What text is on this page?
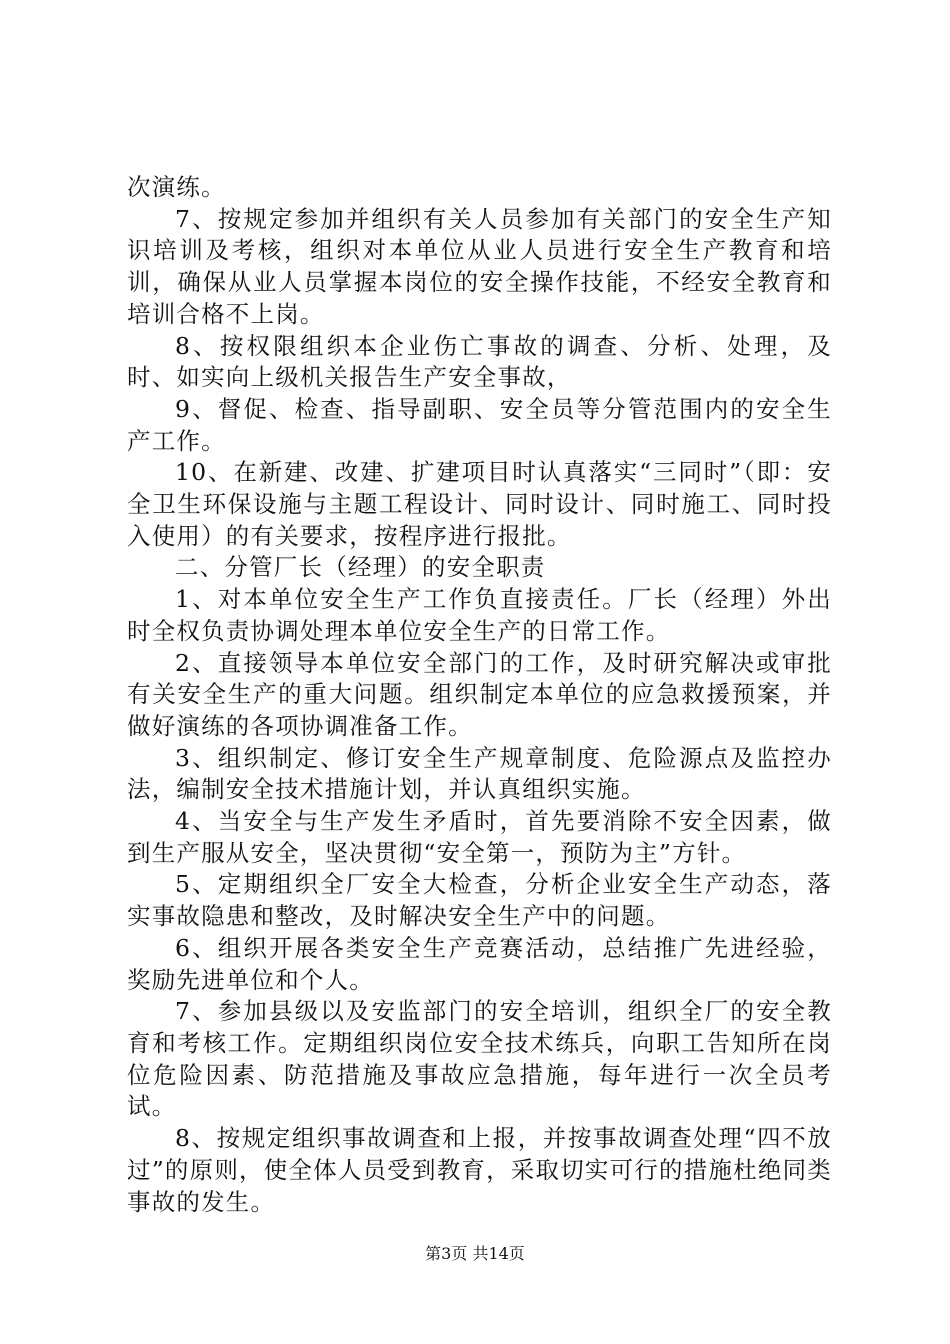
次演练。

7、按规定参加并组织有关人员参加有关部门的安全生产知识培训及考核，组织对本单位从业人员进行安全生产教育和培训，确保从业人员掌握本岗位的安全操作技能，不经安全教育和培训合格不上岗。

8、按权限组织本企业伤亡事故的调查、分析、处理，及时、如实向上级机关报告生产安全事故，

9、督促、检查、指导副职、安全员等分管范围内的安全生产工作。

10、在新建、改建、扩建项目时认真落实“三同时”（即：安全卫生环保设施与主题工程设计、同时设计、同时施工、同时投入使用）的有关要求，按程序进行报批。

二、分管厂长（经理）的安全职责

1、对本单位安全生产工作负直接责任。厂长（经理）外出时全权负责协调处理本单位安全生产的日常工作。

2、直接领导本单位安全部门的工作，及时研究解决或审批有关安全生产的重大问题。组织制定本单位的应急救援预案，并做好演练的各项协调准备工作。

3、组织制定、修订安全生产规章制度、危险源点及监控办法，编制安全技术措施计划，并认真组织实施。

4、当安全与生产发生矛盾时，首先要消除不安全因素，做到生产服从安全，坚决贯彻“安全第一，预防为主”方针。

5、定期组织全厂安全大检查，分析企业安全生产动态，落实事故隐患和整改，及时解决安全生产中的问题。

6、组织开展各类安全生产竞赛活动，总结推广先进经验，奖励先进单位和个人。

7、参加县级以及安监部门的安全培训，组织全厂的安全教育和考核工作。定期组织岗位安全技术练兵，向职工告知所在岗位危险因素、防范措施及事故应急措施，每年进行一次全员考试。

8、按规定组织事故调查和上报，并按事故调查处理“四不放过”的原则，使全体人员受到教育，采取切实可行的措施杜绝同类事故的发生。

第3页 共14页
